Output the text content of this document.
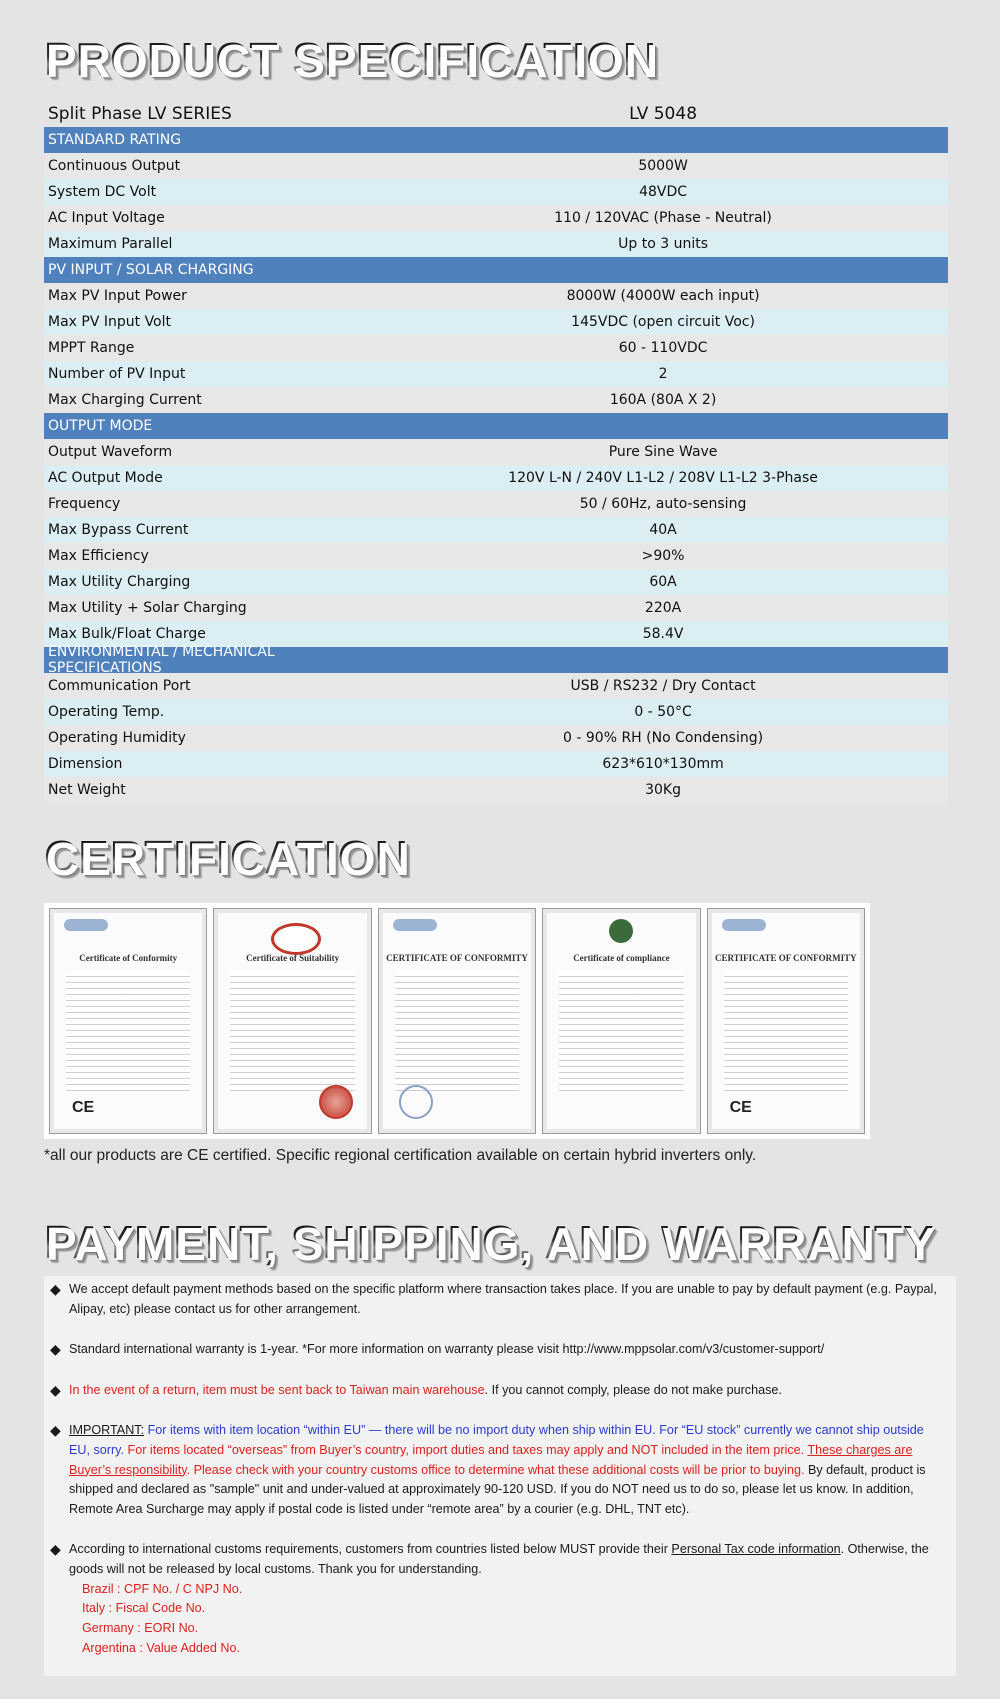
PRODUCT SPECIFICATION
Split Phase LV SERIES	LV 5048
STANDARD RATING
Continuous Output	5000W
System DC Volt	48VDC
AC Input Voltage	110 / 120VAC (Phase - Neutral)
Maximum Parallel	Up to 3 units
PV INPUT / SOLAR CHARGING
Max PV Input Power	8000W (4000W each input)
Max PV Input Volt	145VDC (open circuit Voc)
MPPT Range	60 - 110VDC
Number of PV Input	2
Max Charging Current	160A (80A X 2)
OUTPUT MODE
Output Waveform	Pure Sine Wave
AC Output Mode	120V L-N / 240V L1-L2 / 208V L1-L2 3-Phase
Frequency	50 / 60Hz, auto-sensing
Max Bypass Current	40A
Max Efficiency	>90%
Max Utility Charging	60A
Max Utility + Solar Charging	220A
Max Bulk/Float Charge	58.4V
ENVIRONMENTAL / MECHANICAL SPECIFICATIONS
Communication Port	USB / RS232 / Dry Contact
Operating Temp.	0 - 50°C
Operating Humidity	0 - 90% RH (No Condensing)
Dimension	623*610*130mm
Net Weight	30Kg
CERTIFICATION
Certificate of Conformity
CE
Certificate of Suitability	CERTIFICATE OF CONFORMITY	Certificate of compliance	CERTIFICATE OF CONFORMITY
CE
*all our products are CE certified. Specific regional certification available on certain hybrid inverters only.
PAYMENT, SHIPPING, AND WARRANTY
◆ We accept default payment methods based on the specific platform where transaction takes place. If you are unable to pay by default payment (e.g. Paypal, Alipay, etc) please contact us for other arrangement.
◆ Standard international warranty is 1-year. *For more information on warranty please visit http://www.mppsolar.com/v3/customer-support/
◆ In the event of a return, item must be sent back to Taiwan main warehouse. If you cannot comply, please do not make purchase.
◆ IMPORTANT: For items with item location “within EU” — there will be no import duty when ship within EU. For “EU stock” currently we cannot ship outside EU, sorry. For items located “overseas” from Buyer’s country, import duties and taxes may apply and NOT included in the item price. These charges are Buyer’s responsibility. Please check with your country customs office to determine what these additional costs will be prior to buying. By default, product is shipped and declared as "sample" unit and under-valued at approximately 90-120 USD. If you do NOT need us to do so, please let us know. In addition, Remote Area Surcharge may apply if postal code is listed under “remote area” by a courier (e.g. DHL, TNT etc).
◆ According to international customs requirements, customers from countries listed below MUST provide their Personal Tax code information. Otherwise, the goods will not be released by local customs. Thank you for understanding.
Brazil : CPF No. / C NPJ No.
Italy : Fiscal Code No.
Germany : EORI No.
Argentina : Value Added No.
